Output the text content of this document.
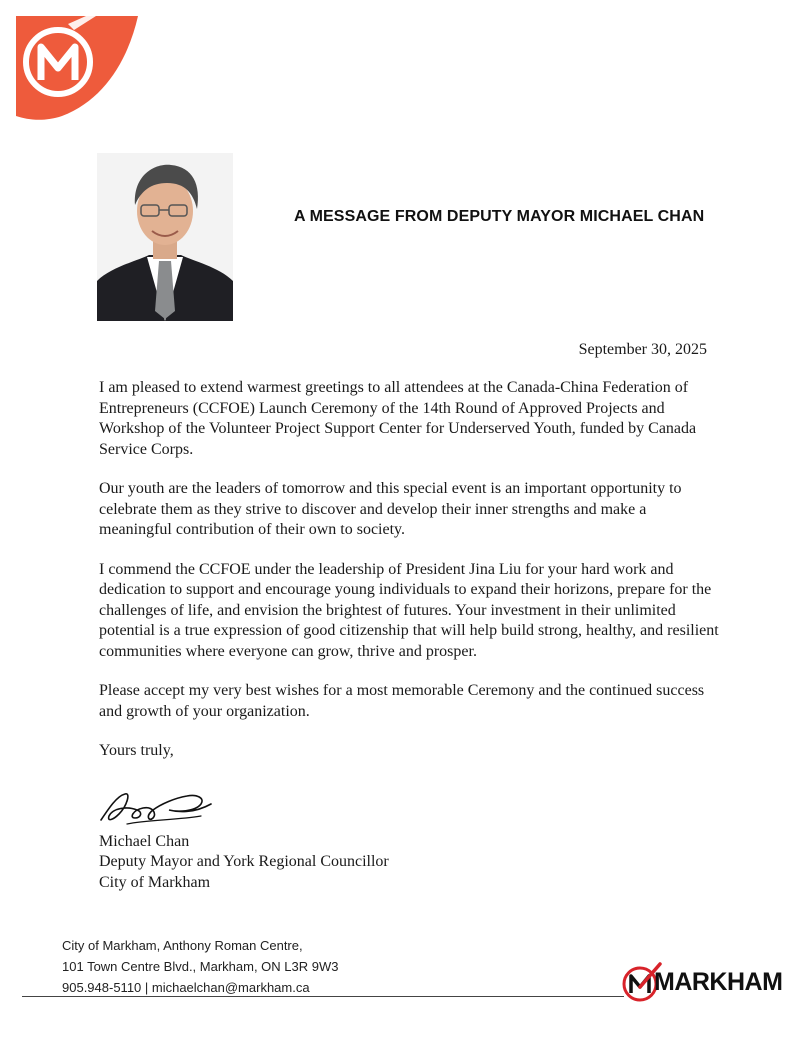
A MESSAGE FROM DEPUTY MAYOR MICHAEL CHAN
September 30, 2025

I am pleased to extend warmest greetings to all attendees at the Canada-China Federation of Entrepreneurs (CCFOE) Launch Ceremony of the 14th Round of Approved Projects and Workshop of the Volunteer Project Support Center for Underserved Youth, funded by Canada Service Corps.

Our youth are the leaders of tomorrow and this special event is an important opportunity to celebrate them as they strive to discover and develop their inner strengths and make a meaningful contribution of their own to society.

I commend the CCFOE under the leadership of President Jina Liu for your hard work and dedication to support and encourage young individuals to expand their horizons, prepare for the challenges of life, and envision the brightest of futures. Your investment in their unlimited potential is a true expression of good citizenship that will help build strong, healthy, and resilient communities where everyone can grow, thrive and prosper.

Please accept my very best wishes for a most memorable Ceremony and the continued success and growth of your organization.

Yours truly,
Michael Chan
Deputy Mayor and York Regional Councillor
City of Markham
City of Markham, Anthony Roman Centre,
101 Town Centre Blvd., Markham, ON L3R 9W3
905.948-5110 | michaelchan@markham.ca	MARKHAM
